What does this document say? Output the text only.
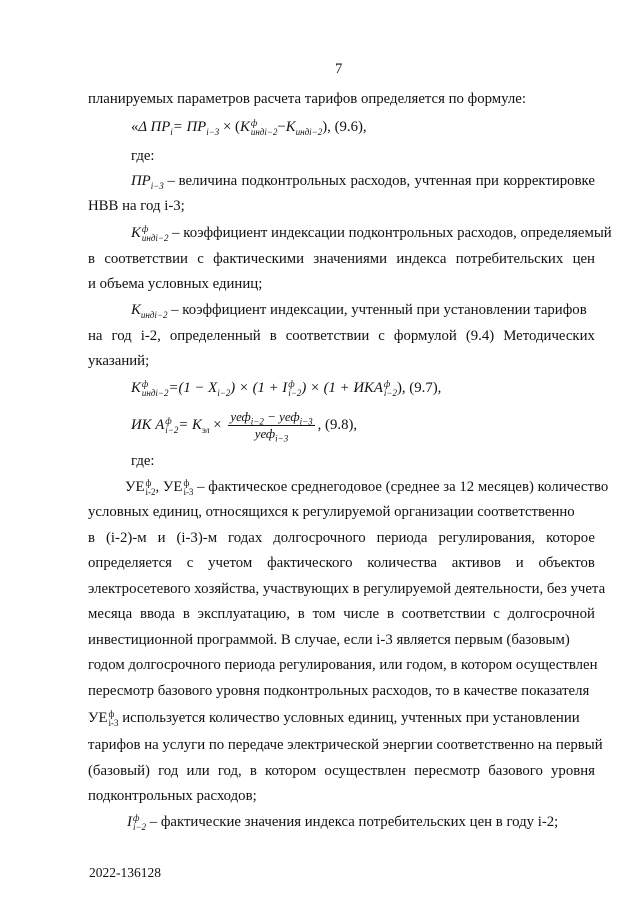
7
планируемых параметров расчета тарифов определяется по формуле:
«Δ $ПР_i= ПР_{i-3} \times (K$ ф
индi−2 $-K_{индi-2}$), (9.6),
где:
$ПР_{i-3}$ – величина подконтрольных расходов, учтенная при корректировке
НВВ на год i-3;
K ф
индi−2 – коэффициент индексации подконтрольных расходов, определяемый
в соответствии с фактическими значениями индекса потребительских цен
и объема условных единиц;
$K_{индi-2}$ – коэффициент индексации, учтенный при установлении тарифов
на год i-2, определенный в соответствии с формулой (9.4) Методических
указаний;
K ф
индi−2 $=(1 - X_{i-2}) \times (1 + I$ ф
i−2 ) × (1 + ИКА ф
i−2 ), (9.7),
ИК А ф
$i-2 = K_{эл} \times \frac{уеф_{i-2} - уеф_{i-3}}{уеф_{i-3}}$ , (9.8),
где:
УЕ ф
i-2 , УЕ ф
i-3 – фактическое среднегодовое (среднее за 12 месяцев) количество
условных единиц, относящихся к регулируемой организации соответственно
в (i-2)-м и (i-3)-м годах долгосрочного периода регулирования, которое
определяется с учетом фактического количества активов и объектов
электросетевого хозяйства, участвующих в регулируемой деятельности, без учета
месяца ввода в эксплуатацию, в том числе в соответствии с долгосрочной
инвестиционной программой. В случае, если i-3 является первым (базовым)
годом долгосрочного периода регулирования, или годом, в котором осуществлен
пересмотр базового уровня подконтрольных расходов, то в качестве показателя
УЕ ф
i-3 используется количество условных единиц, учтенных при установлении
тарифов на услуги по передаче электрической энергии соответственно на первый
(базовый) год или год, в котором осуществлен пересмотр базового уровня
подконтрольных расходов;
I ф
i−2 – фактические значения индекса потребительских цен в году i-2;
2022-136128
